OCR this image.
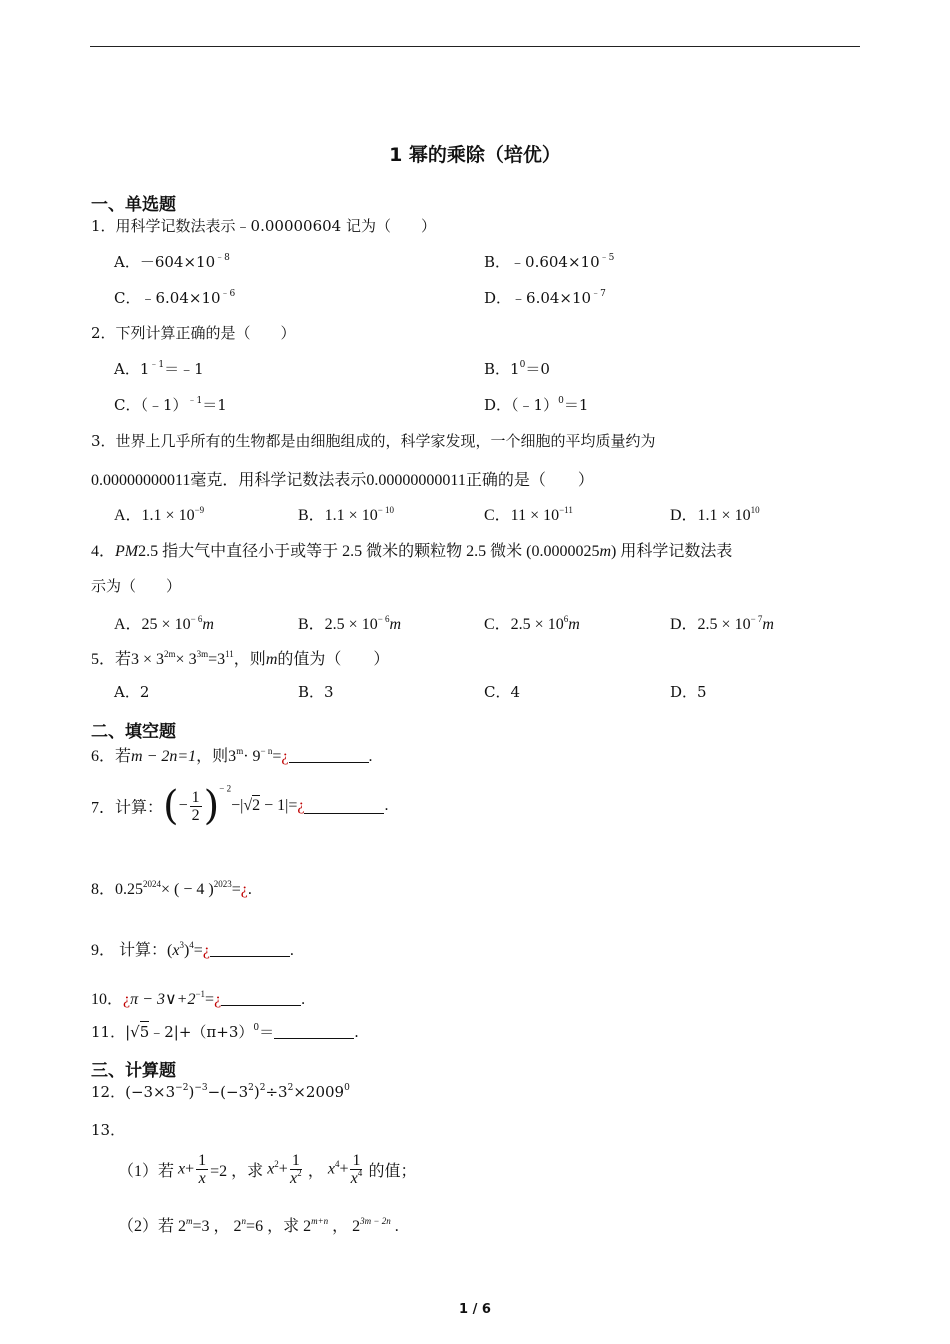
1 幂的乘除（培优）
一、单选题
1．用科学记数法表示﹣0.00000604 记为（　　）
A．$-604\times 10^{﹣8}$	B．$﹣0.604\times 10^{﹣5}$
C．$﹣6.04\times 10^{﹣6}$	D．$﹣6.04\times 10^{﹣7}$
2．下列计算正确的是（　　）
A．$1^{﹣1}=﹣1$	B．$1^0=0$
C．（﹣1）$^{﹣1}$＝1	D．（﹣1）$^0$＝1
3．世界上几乎所有的生物都是由细胞组成的，科学家发现，一个细胞的平均质量约为
0.00000000011毫克．用科学记数法表示0.00000000011正确的是（　　）
A．$1.1 \times 10^{-9}$	B．$1.1 \times 10^{- 10}$	C．$11 \times 10^{-11}$	D．$1.1 \times 10^{10}$
4．PM2.5 指大气中直径小于或等于 2.5 微米的颗粒物 2.5 微米 (0.0000025m) 用科学记数法表
示为（　　）
A．$25 \times 10^{- 6}m$	B．$2.5 \times 10^{- 6}m$	C．$2.5 \times 10^6m$	D．$2.5 \times 10^{- 7}m$
5．若$3 \times 3^{2m}\times 3^{3m}=3^{11}$，则m的值为（　　）
A．2	B．3	C．4	D．5
二、填空题
6．若m − 2n=1，则$3^m\cdot$ $9^{- n}=¿$	.
7．计算：(− $\frac{1}{2} )^{- 2}-|√2$ − 1|=¿	.
8．$0.25^{2024}\times$ ( − 4 )$^{2023}$=¿.
9． 计算：$(x^3)^4=¿$	.
10．¿$\pi - 3\vee+2^{-1}=¿$	.
11．$|√5﹣2|+(\pi+3)^0=$	.
三、计算题
12．$(-3\times 3^{-2})^{-3}-(-3^2)^2\div 3^2\times 2009^0$
13．
（1）若 $x+ \frac{1}{x} =2$ ，求 $x^2+ \frac{1}{x^2}$ ， $x^4+ \frac{1}{x^4}$ 的值；
（2）若 $2^m=3$ ， $2^n=6$ ，求 $2^{m+n}$ ， $2^{3m - 2n}$ .
1 / 6
